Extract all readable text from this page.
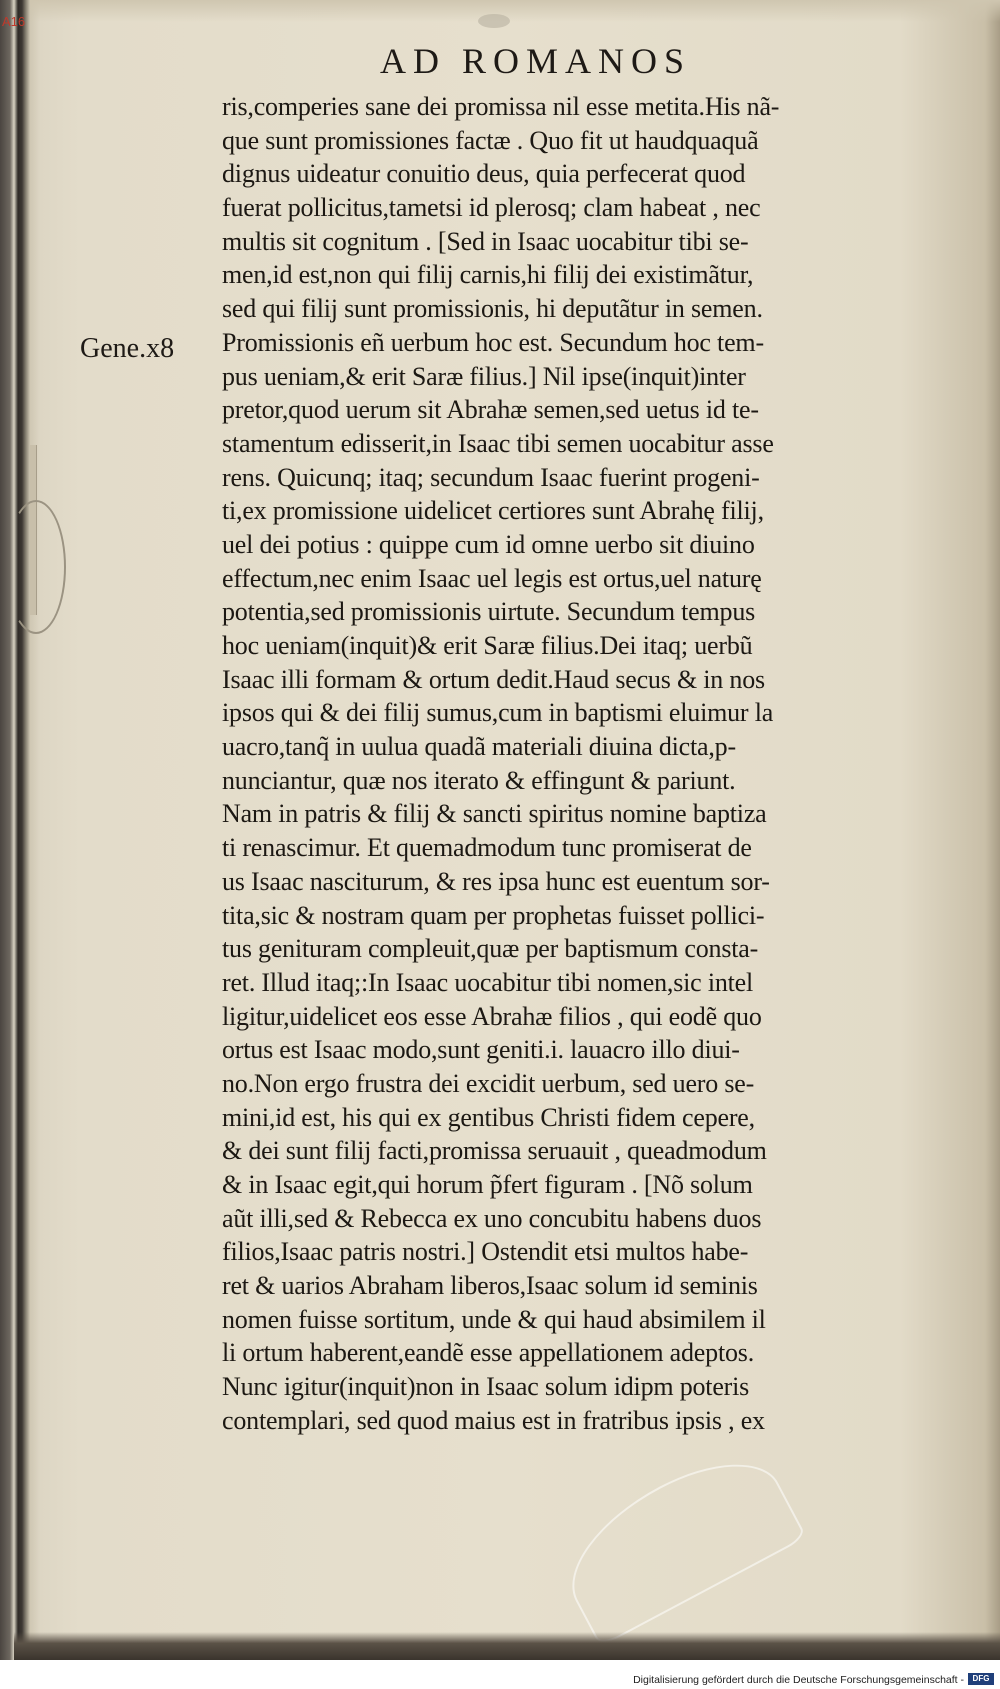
A16
AD ROMANOS
Gene.x8
ris,comperies sane dei promissa nil esse metita.His nã-
que sunt promissiones factæ . Quo fit ut haudquaquã
dignus uideatur conuitio deus, quia perfecerat quod
fuerat pollicitus,tametsi id plerosq; clam habeat , nec
multis sit cognitum . [Sed in Isaac uocabitur tibi se-
men,id est,non qui filij carnis,hi filij dei existimãtur,
sed qui filij sunt promissionis, hi deputãtur in semen.
Promissionis eñ uerbum hoc est. Secundum hoc tem-
pus ueniam,& erit Saræ filius.] Nil ipse(inquit)inter
pretor,quod uerum sit Abrahæ semen,sed uetus id te-
stamentum edisserit,in Isaac tibi semen uocabitur asse
rens. Quicunq; itaq; secundum Isaac fuerint progeni-
ti,ex promissione uidelicet certiores sunt Abrahę filij,
uel dei potius : quippe cum id omne uerbo sit diuino
effectum,nec enim Isaac uel legis est ortus,uel naturę
potentia,sed promissionis uirtute. Secundum tempus
hoc ueniam(inquit)& erit Saræ filius.Dei itaq; uerbũ
Isaac illi formam & ortum dedit.Haud secus & in nos
ipsos qui & dei filij sumus,cum in baptismi eluimur la
uacro,tanq̃ in uulua quadã materiali diuina dicta,p-
nunciantur, quæ nos iterato & effingunt & pariunt.
Nam in patris & filij & sancti spiritus nomine baptiza
ti renascimur. Et quemadmodum tunc promiserat de
us Isaac nasciturum, & res ipsa hunc est euentum sor-
tita,sic & nostram quam per prophetas fuisset pollici-
tus genituram compleuit,quæ per baptismum consta-
ret. Illud itaq;:In Isaac uocabitur tibi nomen,sic intel
ligitur,uidelicet eos esse Abrahæ filios , qui eodẽ quo
ortus est Isaac modo,sunt geniti.i. lauacro illo diui-
no.Non ergo frustra dei excidit uerbum, sed uero se-
mini,id est, his qui ex gentibus Christi fidem cepere,
& dei sunt filij facti,promissa seruauit , queadmodum
& in Isaac egit,qui horum p̃fert figuram . [Nõ solum
aũt illi,sed & Rebecca ex uno concubitu habens duos
filios,Isaac patris nostri.] Ostendit etsi multos habe-
ret & uarios Abraham liberos,Isaac solum id seminis
nomen fuisse sortitum, unde & qui haud absimilem il
li ortum haberent,eandẽ esse appellationem adeptos.
Nunc igitur(inquit)non in Isaac solum idipm poteris
contemplari, sed quod maius est in fratribus ipsis , ex
Digitalisierung gefördert durch die Deutsche Forschungsgemeinschaft -	DFG
